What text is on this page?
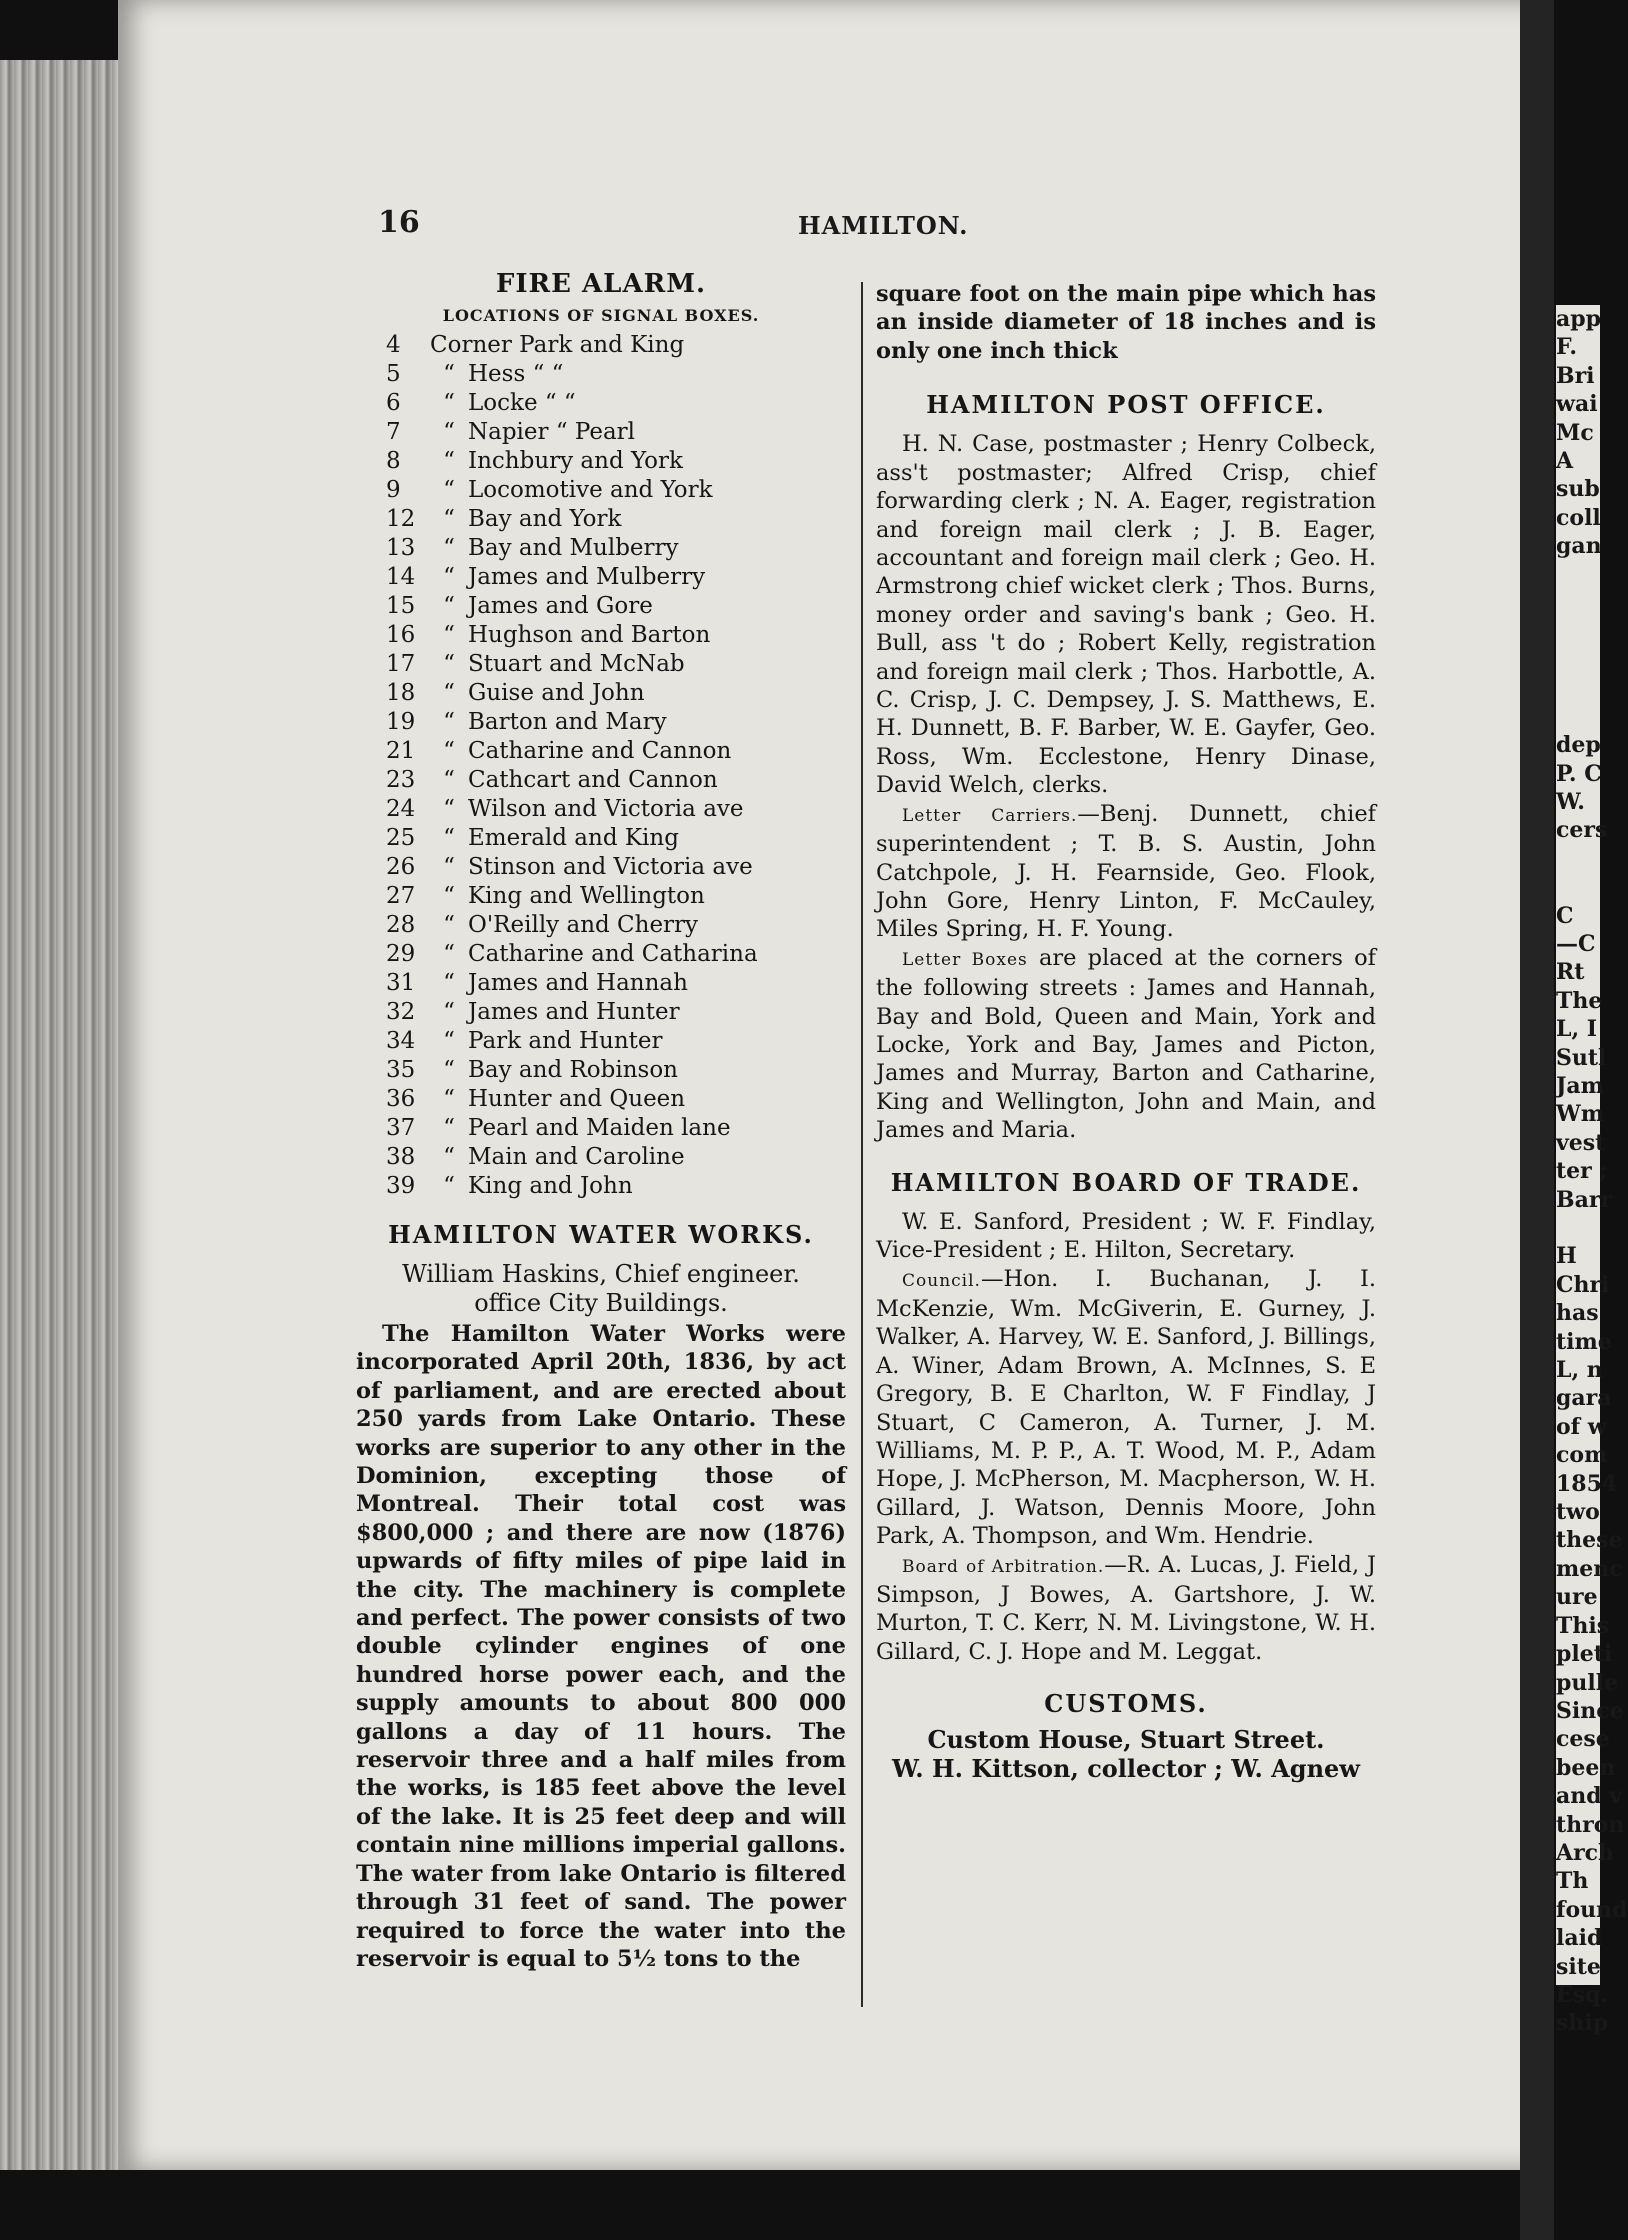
16	HAMILTON.
FIRE ALARM.
LOCATIONS OF SIGNAL BOXES.
4	Corner Park and King	
5	“	Hess “ “
6	“	Locke “ “
7	“	Napier “ Pearl
8	“	Inchbury and York
9	“	Locomotive and York
12	“	Bay and York
13	“	Bay and Mulberry
14	“	James and Mulberry
15	“	James and Gore
16	“	Hughson and Barton
17	“	Stuart and McNab
18	“	Guise and John
19	“	Barton and Mary
21	“	Catharine and Cannon
23	“	Cathcart and Cannon
24	“	Wilson and Victoria ave
25	“	Emerald and King
26	“	Stinson and Victoria ave
27	“	King and Wellington
28	“	O'Reilly and Cherry
29	“	Catharine and Catharina
31	“	James and Hannah
32	“	James and Hunter
34	“	Park and Hunter
35	“	Bay and Robinson
36	“	Hunter and Queen
37	“	Pearl and Maiden lane
38	“	Main and Caroline
39	“	King and John
HAMILTON WATER WORKS.

William Haskins, Chief engineer.

office City Buildings.

The Hamilton Water Works were incorporated April 20th, 1836, by act of parliament, and are erected about 250 yards from Lake Ontario. These works are superior to any other in the Dominion, excepting those of Montreal. Their total cost was $800,000 ; and there are now (1876) upwards of fifty miles of pipe laid in the city. The machinery is complete and perfect. The power consists of two double cylinder engines of one hundred horse power each, and the supply amounts to about 800 000 gallons a day of 11 hours. The reservoir three and a half miles from the works, is 185 feet above the level of the lake. It is 25 feet deep and will contain nine millions imperial gallons. The water from lake Ontario is filtered through 31 feet of sand. The power required to force the water into the reservoir is equal to 5½ tons to the

square foot on the main pipe which has an inside diameter of 18 inches and is only one inch thick

HAMILTON POST OFFICE.

H. N. Case, postmaster ; Henry Colbeck, ass't postmaster; Alfred Crisp, chief forwarding clerk ; N. A. Eager, registration and foreign mail clerk ; J. B. Eager, accountant and foreign mail clerk ; Geo. H. Armstrong chief wicket clerk ; Thos. Burns, money order and saving's bank ; Geo. H. Bull, ass 't do ; Robert Kelly, registration and foreign mail clerk ; Thos. Harbottle, A. C. Crisp, J. C. Dempsey, J. S. Matthews, E. H. Dunnett, B. F. Barber, W. E. Gayfer, Geo. Ross, Wm. Ecclestone, Henry Dinase, David Welch, clerks.

Letter Carriers.—Benj. Dunnett, chief superintendent ; T. B. S. Austin, John Catchpole, J. H. Fearnside, Geo. Flook, John Gore, Henry Linton, F. McCauley, Miles Spring, H. F. Young.

Letter Boxes are placed at the corners of the following streets : James and Hannah, Bay and Bold, Queen and Main, York and Locke, York and Bay, James and Picton, James and Murray, Barton and Catharine, King and Wellington, John and Main, and James and Maria.

HAMILTON BOARD OF TRADE.

W. E. Sanford, President ; W. F. Findlay, Vice-President ; E. Hilton, Secretary.

Council.—Hon. I. Buchanan, J. I. McKenzie, Wm. McGiverin, E. Gurney, J. Walker, A. Harvey, W. E. Sanford, J. Billings, A. Winer, Adam Brown, A. McInnes, S. E Gregory, B. E Charlton, W. F Findlay, J Stuart, C Cameron, A. Turner, J. M. Williams, M. P. P., A. T. Wood, M. P., Adam Hope, J. McPherson, M. Macpherson, W. H. Gillard, J. Watson, Dennis Moore, John Park, A. Thompson, and Wm. Hendrie.

Board of Arbitration.—R. A. Lucas, J. Field, J Simpson, J Bowes, A. Gartshore, J. W. Murton, T. C. Kerr, N. M. Livingstone, W. H. Gillard, C. J. Hope and M. Leggat.

CUSTOMS.

Custom House, Stuart Street.

W. H. Kittson, collector ; W. Agnew

app

F.

Bri

wai

Mc

A

sub

coll

gan

dep

P. C

W.

cers

C

—C

Rt

The

L, I

Sutl

Jam

Wm

vest

ter ;

Barr

H

Chri

has

time

L, n

gara

of w

com

1854

two

these

menc

ure

This

pleti

pulle

Since

cese

been

and v

thron

Arch

Th

found

laid

site

Esq.

ship
